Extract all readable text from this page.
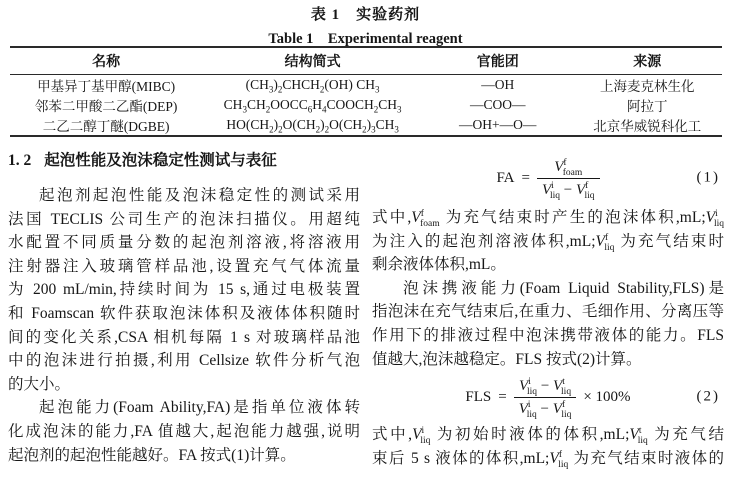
表 1　实验药剂
Table 1　Experimental reagent
名称	结构简式	官能团	来源
甲基异丁基甲醇(MIBC)	$(CH_3)_2CHCH_2(OH)$ $CH_3$	—OH	上海麦克林生化
邻苯二甲酸二乙酯(DEP)	$CH_3CH_2OOCC_6H_4COOCH_2CH_3$	—COO—	阿拉丁
二乙二醇丁醚(DGBE)	$HO(CH_2)_2O(CH_2)_2O(CH_2)_3CH_3$	—OH+—O—	北京华威锐科化工
1. 2 起泡性能及泡沫稳定性测试与表征
起泡剂起泡性能及泡沫稳定性的测试采用
法国 TECLIS 公司生产的泡沫扫描仪。用超纯
水配置不同质量分数的起泡剂溶液,将溶液用
注射器注入玻璃管样品池,设置充气气体流量
为 200 mL/min,持续时间为 15 s,通过电极装置
和 Foamscan 软件获取泡沫体积及液体体积随时
间的变化关系,CSA 相机每隔 1 s 对玻璃样品池
中的泡沫进行拍摄,利用 Cellsize 软件分析气泡
的大小。
起泡能力(Foam Ability,FA)是指单位液体转
化成泡沫的能力,FA 值越大,起泡能力越强,说明
起泡剂的起泡性能越好。FA 按式(1)计算。
FA = $\frac{V^f_{foam}}{V^i_{liq} - V^f_{liq}}$	(1)
式中$,V^f_{foam}$ 为充气结束时产生的泡沫体积$,mL;V^i_{liq}$
为注入的起泡剂溶液体积$,mL;V^f_{liq}$ 为充气结束时
剩余液体体积,mL。
泡沫携液能力(Foam Liquid Stability,FLS)是
指泡沫在充气结束后,在重力、毛细作用、分离压等
作用下的排液过程中泡沫携带液体的能力。FLS
值越大,泡沫越稳定。FLS 按式(2)计算。
FLS = $\frac{V^i_{liq} - V^t_{liq}}{V^i_{liq} - V^f_{liq}} \times 100\%$	(2)
式中$,V^i_{liq}$ 为初始时液体的体积$,mL;V^t_{liq}$ 为充气结
束后 5 s 液体的体积$,mL;V^f_{liq}$ 为充气结束时液体的
